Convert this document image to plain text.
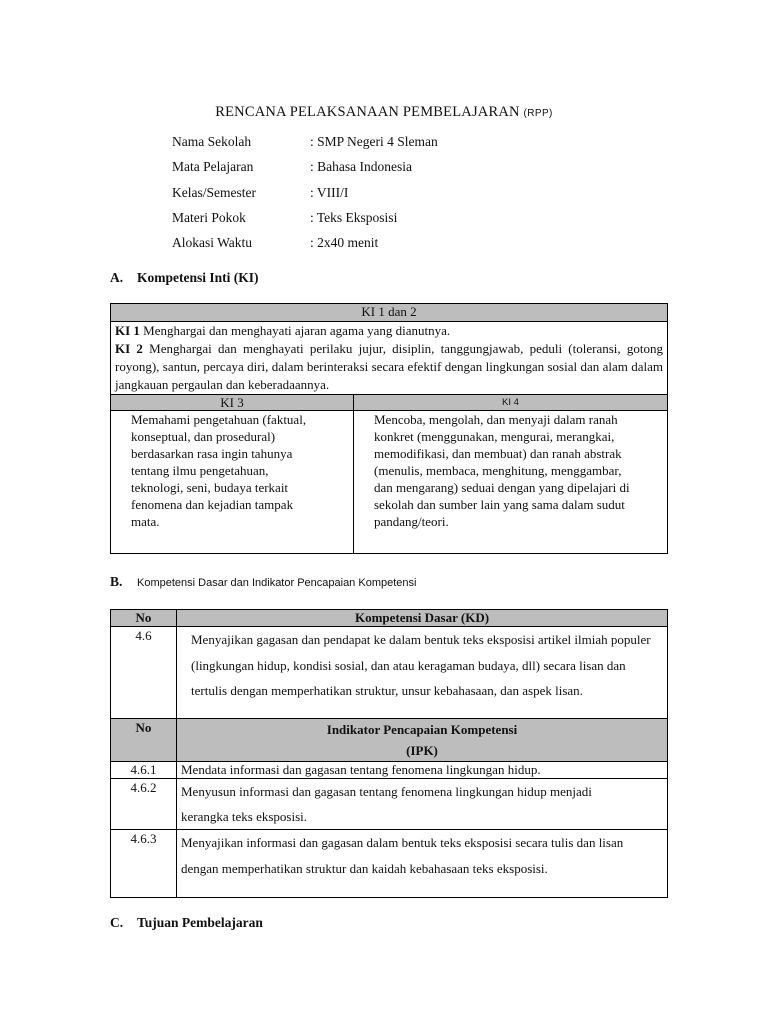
RENCANA PELAKSANAAN PEMBELAJARAN (RPP)
Nama Sekolah	: SMP Negeri 4 Sleman
Mata Pelajaran	: Bahasa Indonesia
Kelas/Semester	: VIII/I
Materi Pokok	: Teks Eksposisi
Alokasi Waktu	: 2x40 menit
A. Kompetensi Inti (KI)
KI 1 dan 2	

KI 1 Menghargai dan menghayati ajaran agama yang dianutnya.
KI 2 Menghargai dan menghayati perilaku jujur, disiplin, tanggungjawab, peduli (toleransi, gotong royong), santun, percaya diri, dalam berinteraksi secara efektif dengan lingkungan sosial dan alam dalam jangkauan pergaulan dan keberadaannya.	

KI 3	KI 4
Memahami pengetahuan (faktual, konseptual, dan prosedural) berdasarkan rasa ingin tahunya tentang ilmu pengetahuan, teknologi, seni, budaya terkait fenomena dan kejadian tampak mata.	Mencoba, mengolah, dan menyaji dalam ranah konkret (menggunakan, mengurai, merangkai, memodifikasi, dan membuat) dan ranah abstrak (menulis, membaca, menghitung, menggambar, dan mengarang) seduai dengan yang dipelajari di sekolah dan sumber lain yang sama dalam sudut pandang/teori.
B. Kompetensi Dasar dan Indikator Pencapaian Kompetensi
No	Kompetensi Dasar (KD)
4.6	Menyajikan gagasan dan pendapat ke dalam bentuk teks eksposisi artikel ilmiah populer (lingkungan hidup, kondisi sosial, dan atau keragaman budaya, dll) secara lisan dan tertulis dengan memperhatikan struktur, unsur kebahasaan, dan aspek lisan.

No	Indikator Pencapaian Kompetensi
(IPK)

4.6.1	Mendata informasi dan gagasan tentang fenomena lingkungan hidup.
4.6.2	Menyusun informasi dan gagasan tentang fenomena lingkungan hidup menjadi kerangka teks eksposisi.
4.6.3	Menyajikan informasi dan gagasan dalam bentuk teks eksposisi secara tulis dan lisan dengan memperhatikan struktur dan kaidah kebahasaan teks eksposisi.
C. Tujuan Pembelajaran
